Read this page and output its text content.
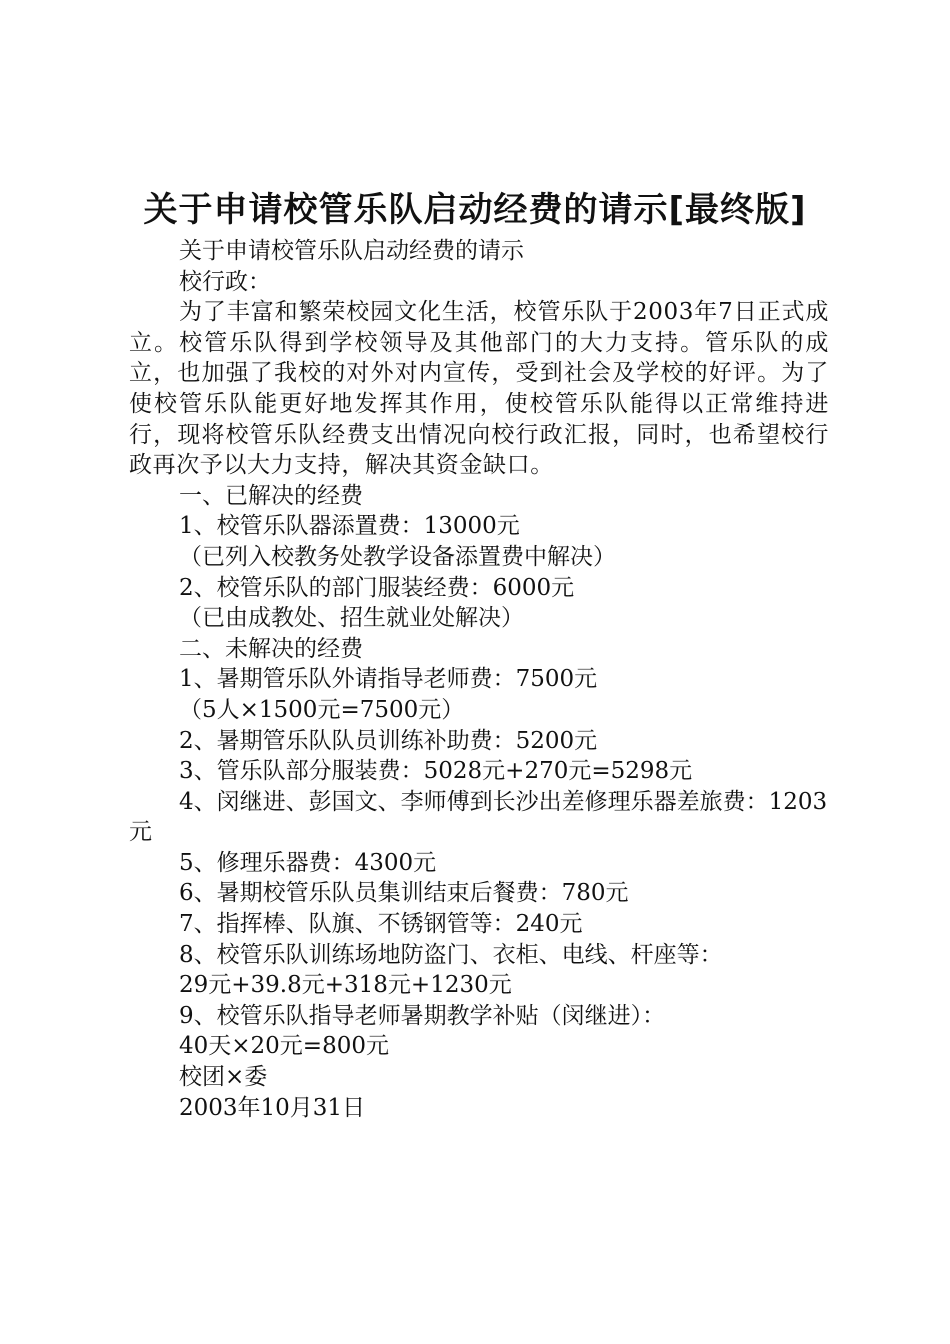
关于申请校管乐队启动经费的请示[最终版]
关于申请校管乐队启动经费的请示
校行政：
为了丰富和繁荣校园文化生活，校管乐队于2003年7日正式成立。校管乐队得到学校领导及其他部门的大力支持。管乐队的成立，也加强了我校的对外对内宣传，受到社会及学校的好评。为了使校管乐队能更好地发挥其作用，使校管乐队能得以正常维持进行，现将校管乐队经费支出情况向校行政汇报，同时，也希望校行政再次予以大力支持，解决其资金缺口。
一、已解决的经费
1、校管乐队器添置费：13000元
（已列入校教务处教学设备添置费中解决）
2、校管乐队的部门服装经费：6000元
（已由成教处、招生就业处解决）
二、未解决的经费
1、暑期管乐队外请指导老师费：7500元
（5人×1500元=7500元）
2、暑期管乐队队员训练补助费：5200元
3、管乐队部分服装费：5028元+270元=5298元
4、闵继进、彭国文、李师傅到长沙出差修理乐器差旅费：1203元
5、修理乐器费：4300元
6、暑期校管乐队员集训结束后餐费：780元
7、指挥棒、队旗、不锈钢管等：240元
8、校管乐队训练场地防盗门、衣柜、电线、杆座等：
29元+39.8元+318元+1230元
9、校管乐队指导老师暑期教学补贴（闵继进）：
40天×20元=800元
校团×委
2003年10月31日
